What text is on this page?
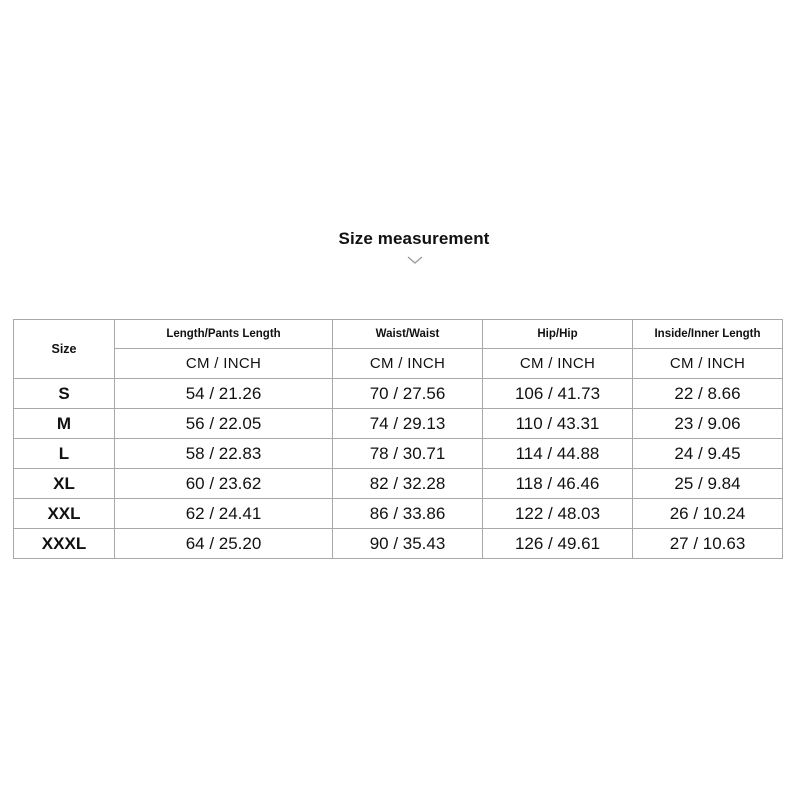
Size measurement
Size	Length/Pants Length	Waist/Waist	Hip/Hip	Inside/Inner Length
	CM / INCH	CM / INCH	CM / INCH	CM / INCH
S	54 / 21.26	70 / 27.56	106 / 41.73	22 / 8.66
M	56 / 22.05	74 / 29.13	110 / 43.31	23 / 9.06
L	58 / 22.83	78 / 30.71	114 / 44.88	24 / 9.45
XL	60 / 23.62	82 / 32.28	118 / 46.46	25 / 9.84
XXL	62 / 24.41	86 / 33.86	122 / 48.03	26 / 10.24
XXXL	64 / 25.20	90 / 35.43	126 / 49.61	27 / 10.63
